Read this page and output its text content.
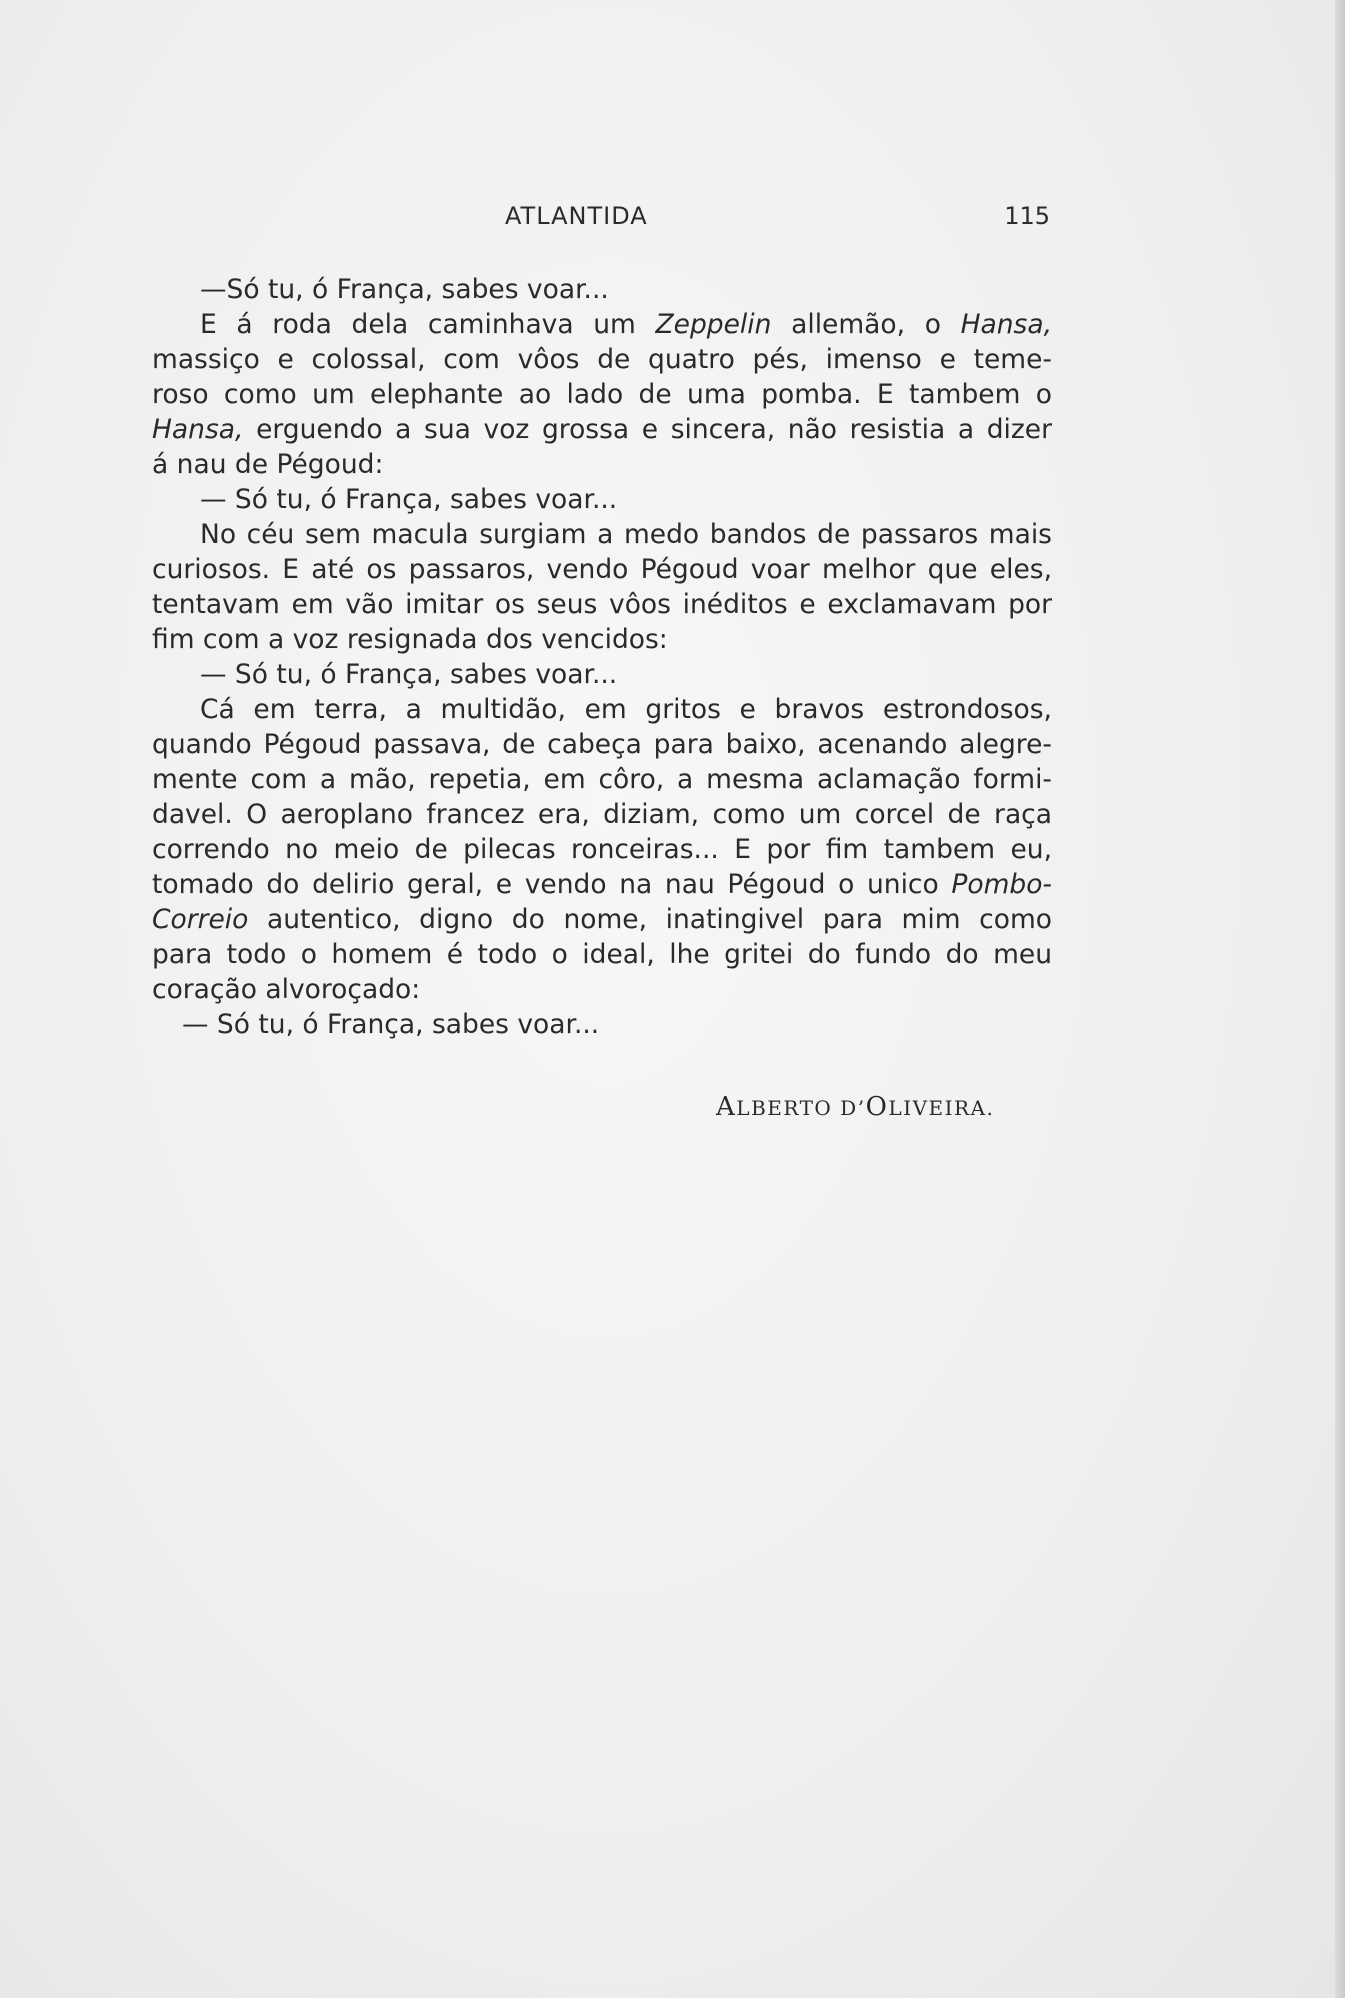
ATLANTIDA	115
—Só tu, ó França, sabes voar...
E á roda dela caminhava um Zeppelin allemão, o Hansa,
massiço e colossal, com vôos de quatro pés, imenso e teme-
roso como um elephante ao lado de uma pomba. E tambem o
Hansa, erguendo a sua voz grossa e sincera, não resistia a dizer
á nau de Pégoud:
— Só tu, ó França, sabes voar...
No céu sem macula surgiam a medo bandos de passaros mais
curiosos. E até os passaros, vendo Pégoud voar melhor que eles,
tentavam em vão imitar os seus vôos inéditos e exclamavam por
fim com a voz resignada dos vencidos:
— Só tu, ó França, sabes voar...
Cá em terra, a multidão, em gritos e bravos estrondosos,
quando Pégoud passava, de cabeça para baixo, acenando alegre-
mente com a mão, repetia, em côro, a mesma aclamação formi-
davel. O aeroplano francez era, diziam, como um corcel de raça
correndo no meio de pilecas ronceiras... E por fim tambem eu,
tomado do delirio geral, e vendo na nau Pégoud o unico Pombo-
Correio autentico, digno do nome, inatingivel para mim como
para todo o homem é todo o ideal, lhe gritei do fundo do meu
coração alvoroçado:
— Só tu, ó França, sabes voar...
ALBERTO D’OLIVEIRA.
